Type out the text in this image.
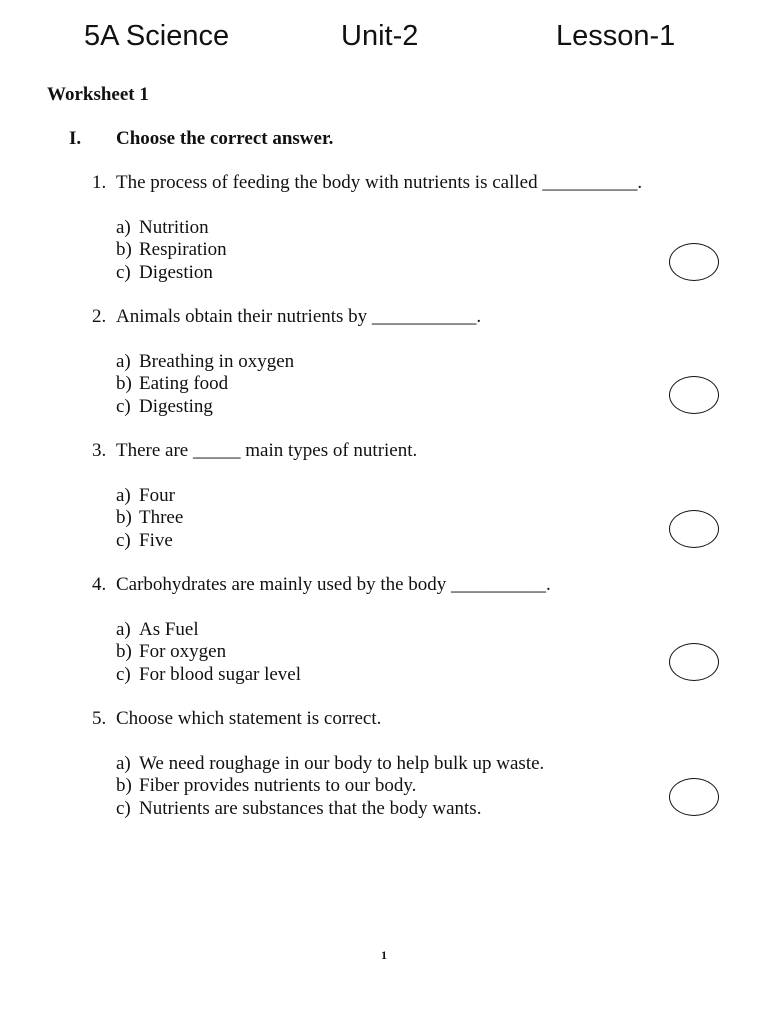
5A Science	Unit-2	Lesson-1
Worksheet 1
I. Choose the correct answer.
1. The process of feeding the body with nutrients is called __________.
a) Nutrition
b) Respiration
c) Digestion
2. Animals obtain their nutrients by ___________.
a) Breathing in oxygen
b) Eating food
c) Digesting
3. There are _____ main types of nutrient.
a) Four
b) Three
c) Five
4. Carbohydrates are mainly used by the body __________.
a) As Fuel
b) For oxygen
c) For blood sugar level
5. Choose which statement is correct.
a) We need roughage in our body to help bulk up waste.
b) Fiber provides nutrients to our body.
c) Nutrients are substances that the body wants.
1
